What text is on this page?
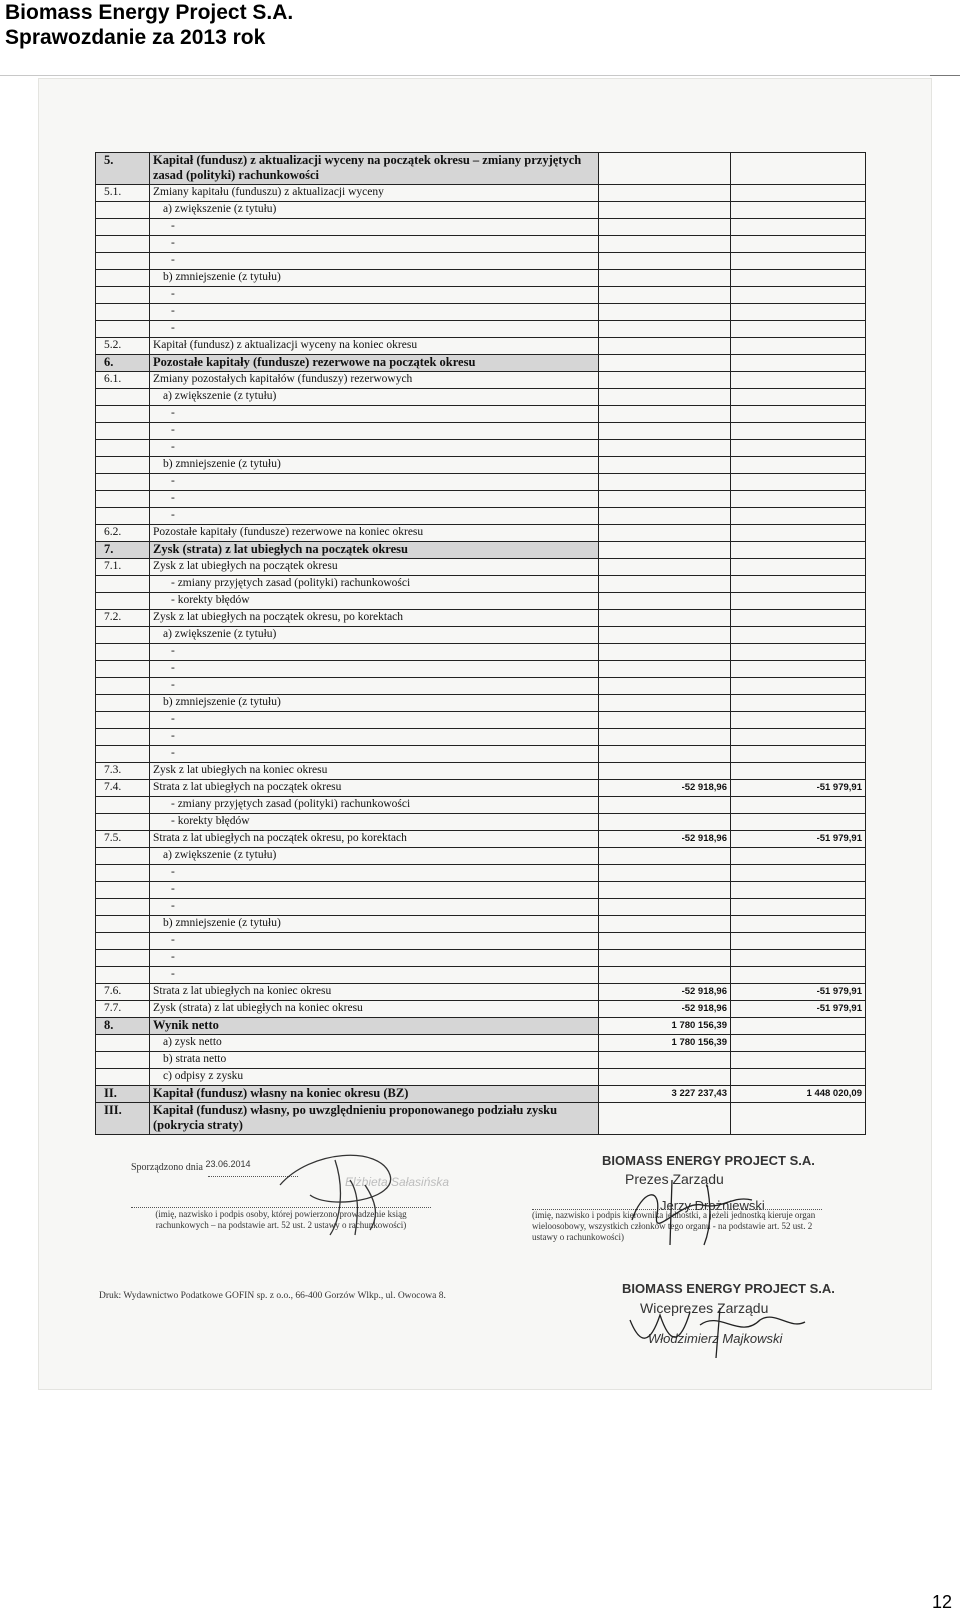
Biomass Energy Project S.A.
Sprawozdanie za 2013 rok
5.	Kapitał (fundusz) z aktualizacji wyceny na początek okresu – zmiany przyjętych zasad (polityki) rachunkowości		
5.1.	Zmiany kapitału (funduszu) z aktualizacji wyceny		
	a) zwiększenie (z tytułu)		
	-		
	-		
	-		
	b) zmniejszenie (z tytułu)		
	-		
	-		
	-		
5.2.	Kapitał (fundusz) z aktualizacji wyceny na koniec okresu		
6.	Pozostałe kapitały (fundusze) rezerwowe na początek okresu		
6.1.	Zmiany pozostałych kapitałów (funduszy) rezerwowych		
	a) zwiększenie (z tytułu)		
	-		
	-		
	-		
	b) zmniejszenie (z tytułu)		
	-		
	-		
	-		
6.2.	Pozostałe kapitały (fundusze) rezerwowe na koniec okresu		
7.	Zysk (strata) z lat ubiegłych na początek okresu		
7.1.	Zysk z lat ubiegłych na początek okresu		
	- zmiany przyjętych zasad (polityki) rachunkowości		
	- korekty błędów		
7.2.	Zysk z lat ubiegłych na początek okresu, po korektach		
	a) zwiększenie (z tytułu)		
	-		
	-		
	-		
	b) zmniejszenie (z tytułu)		
	-		
	-		
	-		
7.3.	Zysk z lat ubiegłych na koniec okresu		
7.4.	Strata z lat ubiegłych na początek okresu	-52 918,96	-51 979,91
	- zmiany przyjętych zasad (polityki) rachunkowości		
	- korekty błędów		
7.5.	Strata z lat ubiegłych na początek okresu, po korektach	-52 918,96	-51 979,91
	a) zwiększenie (z tytułu)		
	-		
	-		
	-		
	b) zmniejszenie (z tytułu)		
	-		
	-		
	-		
7.6.	Strata z lat ubiegłych na koniec okresu	-52 918,96	-51 979,91
7.7.	Zysk (strata) z lat ubiegłych na koniec okresu	-52 918,96	-51 979,91
8.	Wynik netto	1 780 156,39	
	a) zysk netto	1 780 156,39	
	b) strata netto		
	c) odpisy z zysku		
II.	Kapitał (fundusz) własny na koniec okresu (BZ)	3 227 237,43	1 448 020,09
III.	Kapitał (fundusz) własny, po uwzględnieniu proponowanego podziału zysku (pokrycia straty)		
Sporządzono dnia 23.06.2014
Elżbieta Sałasińska
(imię, nazwisko i podpis osoby, której powierzono prowadzenie ksiąg rachunkowych – na podstawie art. 52 ust. 2 ustawy o rachunkowości)
BIOMASS ENERGY PROJECT S.A.
Prezes Zarządu
Jerzy Drożniewski
(imię, nazwisko i podpis kierownika jednostki, a jeżeli jednostką kieruje organ wieloosobowy, wszystkich członków tego organu - na podstawie art. 52 ust. 2 ustawy o rachunkowości)
BIOMASS ENERGY PROJECT S.A.
Wiceprezes Zarządu
Włodzimierz Majkowski
Druk: Wydawnictwo Podatkowe GOFIN sp. z o.o., 66-400 Gorzów Wlkp., ul. Owocowa 8.
12
